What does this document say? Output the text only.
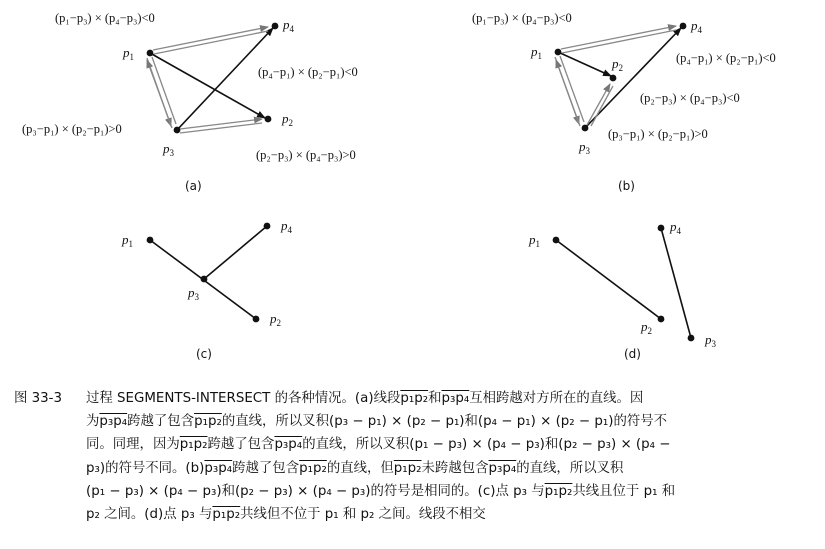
$p_1$
$p_2$
$p_3$
$p_4$
(p₁−p₃) × (p₄−p₃)<0
(p₄−p₁) × (p₂−p₁)<0
(p₃−p₁) × (p₂−p₁)>0
(p₂−p₃) × (p₄−p₃)>0
(a)
$p_1$	$p_2$
$p_3$
$p_4$
(p₁−p₃) × (p₄−p₃)<0
(p₄−p₁) × (p₂−p₁)<0
(p₂−p₃) × (p₄−p₃)<0
(p₃−p₁) × (p₂−p₁)>0
(b)
$p_1$
$p_4$
$p_3$
$p_2$
(c)
$p_1$
$p_4$
$p_2$
$p_3$
(d)
图 33-3 过程 SEGMENTS-INTERSECT 的各种情况。(a)线段p₁p₂和p₃p₄互相跨越对方所在的直线。因
为p₃p₄跨越了包含p₁p₂的直线，所以叉积(p₃ − p₁) × (p₂ − p₁)和(p₄ − p₁) × (p₂ − p₁)的符号不
同。同理，因为p₁p₂跨越了包含p₃p₄的直线，所以叉积(p₁ − p₃) × (p₄ − p₃)和(p₂ − p₃) × (p₄ −
p₃)的符号不同。(b)p₃p₄跨越了包含p₁p₂的直线，但p₁p₂未跨越包含p₃p₄的直线，所以叉积
(p₁ − p₃) × (p₄ − p₃)和(p₂ − p₃) × (p₄ − p₃)的符号是相同的。(c)点 p₃ 与p₁p₂共线且位于 p₁ 和
p₂ 之间。(d)点 p₃ 与p₁p₂共线但不位于 p₁ 和 p₂ 之间。线段不相交
